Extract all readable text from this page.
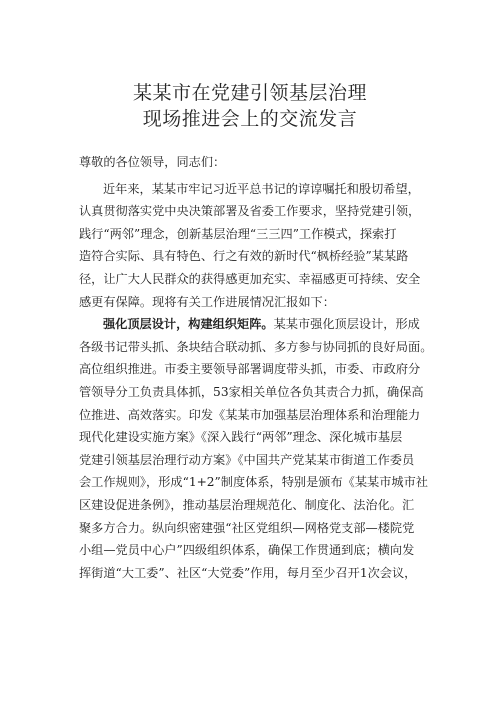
某某市在党建引领基层治理
现场推进会上的交流发言
尊敬的各位领导，同志们：
近年来，某某市牢记习近平总书记的谆谆嘱托和殷切希望，
认真贯彻落实党中央决策部署及省委工作要求，坚持党建引领，
践行“两邻”理念，创新基层治理“三三四”工作模式，探索打
造符合实际、具有特色、行之有效的新时代“枫桥经验”某某路
径，让广大人民群众的获得感更加充实、幸福感更可持续、安全
感更有保障。现将有关工作进展情况汇报如下：
强化顶层设计，构建组织矩阵。某某市强化顶层设计，形成
各级书记带头抓、条块结合联动抓、多方参与协同抓的良好局面。
高位组织推进。市委主要领导部署调度带头抓，市委、市政府分
管领导分工负责具体抓，53家相关单位各负其责合力抓，确保高
位推进、高效落实。印发《某某市加强基层治理体系和治理能力
现代化建设实施方案》《深入践行“两邻”理念、深化城市基层
党建引领基层治理行动方案》《中国共产党某某市街道工作委员
会工作规则》，形成“1+2”制度体系，特别是颁布《某某市城市社
区建设促进条例》，推动基层治理规范化、制度化、法治化。汇
聚多方合力。纵向织密建强“社区党组织—网格党支部—楼院党
小组—党员中心户”四级组织体系，确保工作贯通到底；横向发
挥街道“大工委”、社区“大党委”作用，每月至少召开1次会议，
